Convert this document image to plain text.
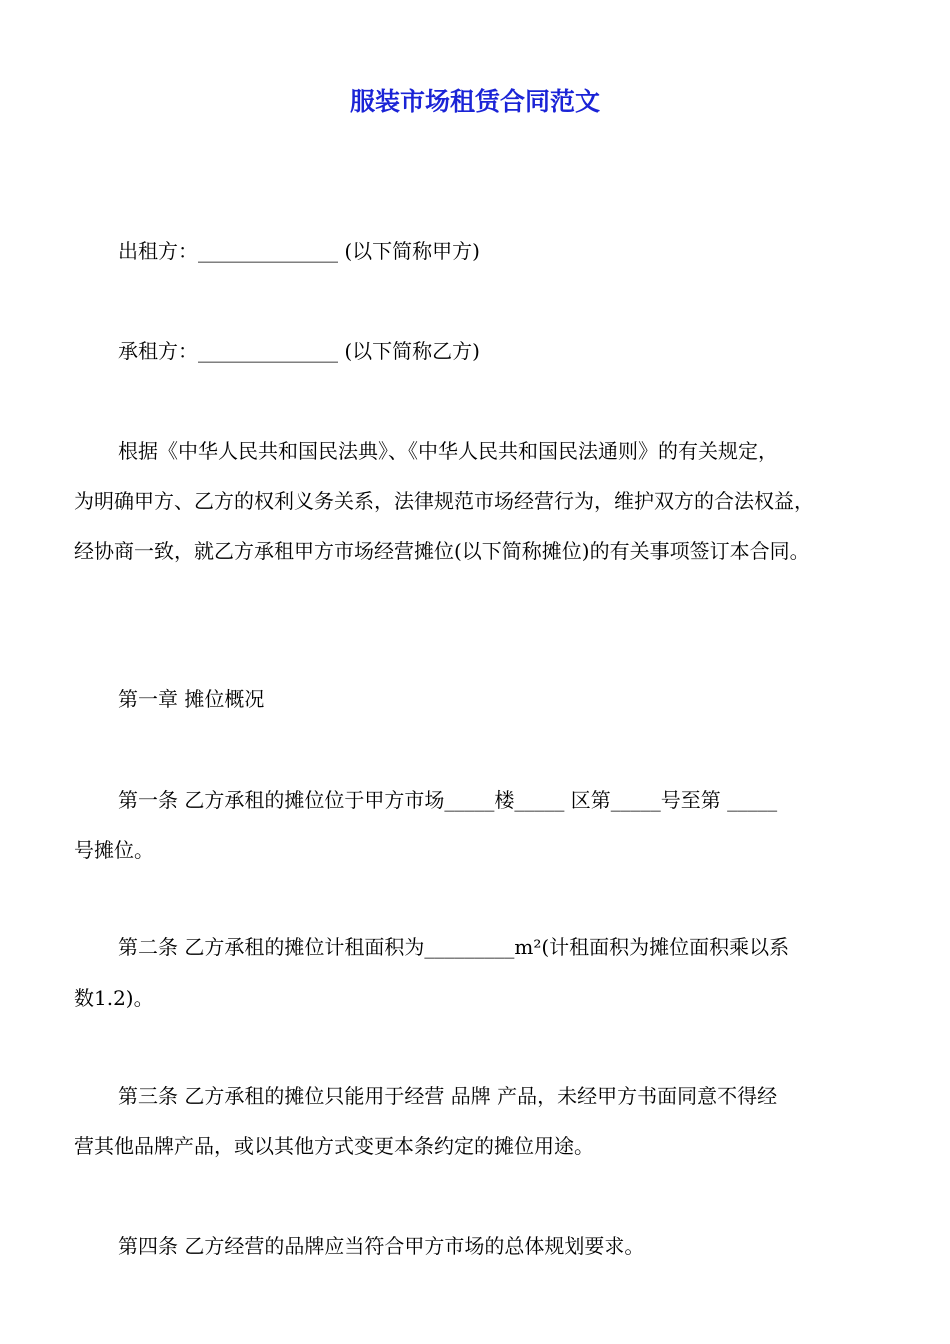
服装市场租赁合同范文

出租方：______________ (以下简称甲方)

承租方：______________ (以下简称乙方)

根据《中华人民共和国民法典》、《中华人民共和国民法通则》的有关规定，

为明确甲方、乙方的权利义务关系，法律规范市场经营行为，维护双方的合法权益，

经协商一致，就乙方承租甲方市场经营摊位(以下简称摊位)的有关事项签订本合同。

第一章 摊位概况

第一条 乙方承租的摊位位于甲方市场_____楼_____ 区第_____号至第 _____

号摊位。

第二条 乙方承租的摊位计租面积为_________m²(计租面积为摊位面积乘以系

数1.2)。

第三条 乙方承租的摊位只能用于经营 品牌 产品，未经甲方书面同意不得经

营其他品牌产品，或以其他方式变更本条约定的摊位用途。

第四条 乙方经营的品牌应当符合甲方市场的总体规划要求。
